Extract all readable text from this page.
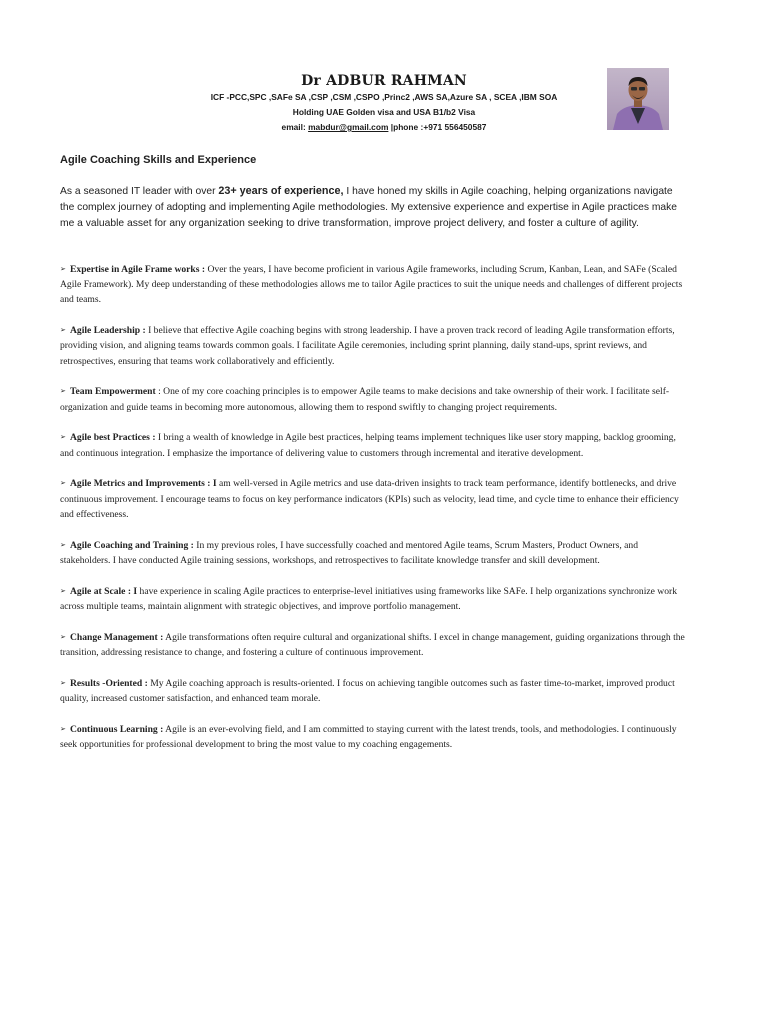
Dr ADBUR RAHMAN
ICF -PCC,SPC ,SAFe SA ,CSP ,CSM ,CSPO ,Princ2 ,AWS SA,Azure SA , SCEA ,IBM SOA
Holding UAE Golden visa and USA B1/b2 Visa
email: mabdur@gmail.com |phone :+971 556450587
Agile Coaching Skills and Experience
As a seasoned IT leader with over 23+ years of experience, I have honed my skills in Agile coaching, helping organizations navigate the complex journey of adopting and implementing Agile methodologies. My extensive experience and expertise in Agile practices make me a valuable asset for any organization seeking to drive transformation, improve project delivery, and foster a culture of agility.
➢ Expertise in Agile Frame works : Over the years, I have become proficient in various Agile frameworks, including Scrum, Kanban, Lean, and SAFe (Scaled Agile Framework). My deep understanding of these methodologies allows me to tailor Agile practices to suit the unique needs and challenges of different projects and teams.
➢ Agile Leadership : I believe that effective Agile coaching begins with strong leadership. I have a proven track record of leading Agile transformation efforts, providing vision, and aligning teams towards common goals. I facilitate Agile ceremonies, including sprint planning, daily stand-ups, sprint reviews, and retrospectives, ensuring that teams work collaboratively and efficiently.
➢ Team Empowerment : One of my core coaching principles is to empower Agile teams to make decisions and take ownership of their work. I facilitate self-organization and guide teams in becoming more autonomous, allowing them to respond swiftly to changing project requirements.
➢ Agile best Practices : I bring a wealth of knowledge in Agile best practices, helping teams implement techniques like user story mapping, backlog grooming, and continuous integration. I emphasize the importance of delivering value to customers through incremental and iterative development.
➢ Agile Metrics and Improvements : I am well-versed in Agile metrics and use data-driven insights to track team performance, identify bottlenecks, and drive continuous improvement. I encourage teams to focus on key performance indicators (KPIs) such as velocity, lead time, and cycle time to enhance their efficiency and effectiveness.
➢ Agile Coaching and Training : In my previous roles, I have successfully coached and mentored Agile teams, Scrum Masters, Product Owners, and stakeholders. I have conducted Agile training sessions, workshops, and retrospectives to facilitate knowledge transfer and skill development.
➢ Agile at Scale : I have experience in scaling Agile practices to enterprise-level initiatives using frameworks like SAFe. I help organizations synchronize work across multiple teams, maintain alignment with strategic objectives, and improve portfolio management.
➢ Change Management : Agile transformations often require cultural and organizational shifts. I excel in change management, guiding organizations through the transition, addressing resistance to change, and fostering a culture of continuous improvement.
➢ Results -Oriented : My Agile coaching approach is results-oriented. I focus on achieving tangible outcomes such as faster time-to-market, improved product quality, increased customer satisfaction, and enhanced team morale.
➢ Continuous Learning : Agile is an ever-evolving field, and I am committed to staying current with the latest trends, tools, and methodologies. I continuously seek opportunities for professional development to bring the most value to my coaching engagements.
